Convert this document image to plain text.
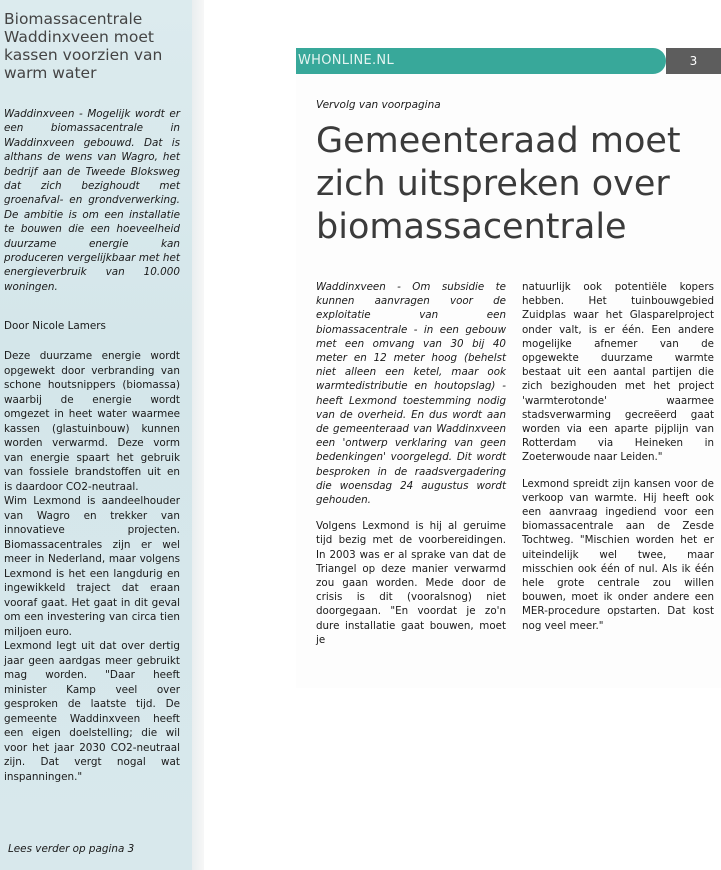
Biomassacentrale Waddinxveen moet kassen voorzien van warm water
Waddinxveen - Mogelijk wordt er een biomassacentrale in Waddinxveen gebouwd. Dat is althans de wens van Wagro, het bedrijf aan de Tweede Bloksweg dat zich bezighoudt met groenafval- en grondverwerking. De ambitie is om een installatie te bouwen die een hoeveelheid duurzame energie kan produceren vergelijkbaar met het energieverbruik van 10.000 woningen.
Door Nicole Lamers

Deze duurzame energie wordt opgewekt door verbranding van schone houtsnippers (biomassa) waarbij de energie wordt omgezet in heet water waarmee kassen (glastuinbouw) kunnen worden verwarmd. Deze vorm van energie spaart het gebruik van fossiele brandstoffen uit en is daardoor CO2-neutraal.

Wim Lexmond is aandeelhouder van Wagro en trekker van innovatieve projecten. Biomassacentrales zijn er wel meer in Nederland, maar volgens Lexmond is het een langdurig en ingewikkeld traject dat eraan vooraf gaat. Het gaat in dit geval om een investering van circa tien miljoen euro.

Lexmond legt uit dat over dertig jaar geen aardgas meer gebruikt mag worden. "Daar heeft minister Kamp veel over gesproken de laatste tijd. De gemeente Waddinxveen heeft een eigen doelstelling; die wil voor het jaar 2030 CO2-neutraal zijn. Dat vergt nogal wat inspanningen."

Lees verder op pagina 3
WHONLINE.NL	3
Vervolg van voorpagina
Gemeenteraad moet zich uitspreken over biomassacentrale

Waddinxveen - Om subsidie te kunnen aanvragen voor de exploitatie van een biomassacentrale - in een gebouw met een omvang van 30 bij 40 meter en 12 meter hoog (behelst niet alleen een ketel, maar ook warmtedistributie en houtopslag) - heeft Lexmond toestemming nodig van de overheid. En dus wordt aan de gemeenteraad van Waddinxveen een 'ontwerp verklaring van geen bedenkingen' voorgelegd. Dit wordt besproken in de raadsvergadering die woensdag 24 augustus wordt gehouden.

Volgens Lexmond is hij al geruime tijd bezig met de voorbereidingen. In 2003 was er al sprake van dat de Triangel op deze manier verwarmd zou gaan worden. Mede door de crisis is dit (vooralsnog) niet doorgegaan. "En voordat je zo'n dure installatie gaat bouwen, moet je

natuurlijk ook potentiële kopers hebben. Het tuinbouwgebied Zuidplas waar het Glasparelproject onder valt, is er één. Een andere mogelijke afnemer van de opgewekte duurzame warmte bestaat uit een aantal partijen die zich bezighouden met het project 'warmterotonde' waarmee stadsverwarming gecreëerd gaat worden via een aparte pijplijn van Rotterdam via Heineken in Zoeterwoude naar Leiden."

Lexmond spreidt zijn kansen voor de verkoop van warmte. Hij heeft ook een aanvraag ingediend voor een biomassacentrale aan de Zesde Tochtweg. "Mischien worden het er uiteindelijk wel twee, maar misschien ook één of nul. Als ik één hele grote centrale zou willen bouwen, moet ik onder andere een MER-procedure opstarten. Dat kost nog veel meer."
